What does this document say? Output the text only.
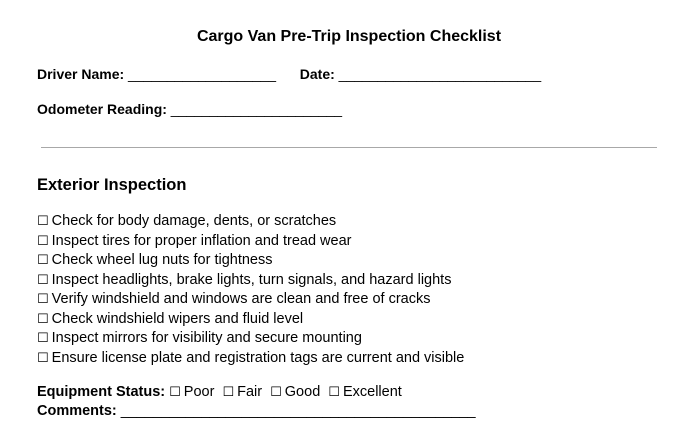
Cargo Van Pre-Trip Inspection Checklist
Driver Name: ___________________ Date: __________________________
Odometer Reading: ______________________
Exterior Inspection
☐ Check for body damage, dents, or scratches
☐ Inspect tires for proper inflation and tread wear
☐ Check wheel lug nuts for tightness
☐ Inspect headlights, brake lights, turn signals, and hazard lights
☐ Verify windshield and windows are clean and free of cracks
☐ Check windshield wipers and fluid level
☐ Inspect mirrors for visibility and secure mounting
☐ Ensure license plate and registration tags are current and visible
Equipment Status: ☐ Poor ☐ Fair ☐ Good ☐ Excellent
Comments: ____________________________________________
